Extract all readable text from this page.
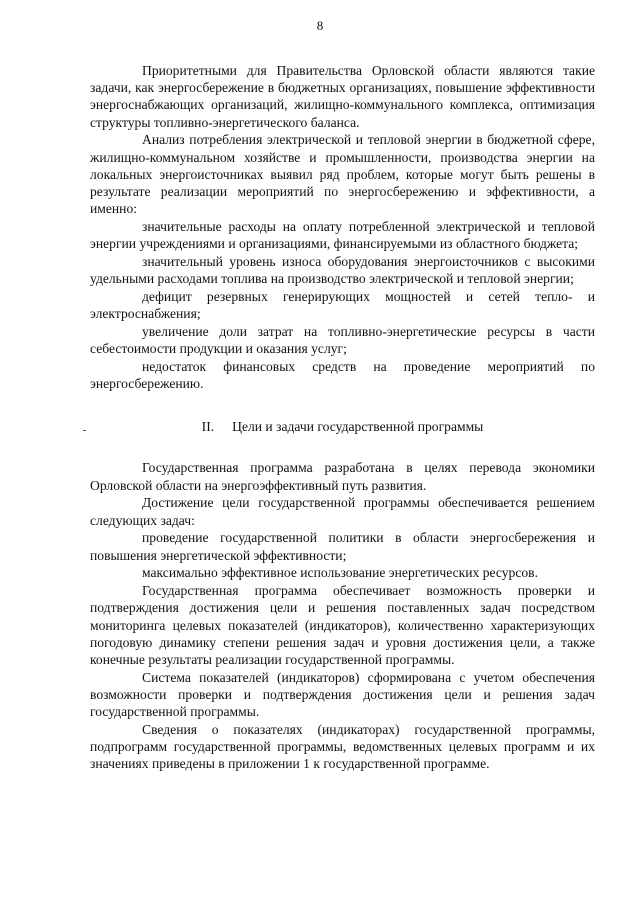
8

Приоритетными для Правительства Орловской области являются такие задачи, как энергосбережение в бюджетных организациях, повышение эффективности энергоснабжающих организаций, жилищно-коммунального комплекса, оптимизация структуры топливно-энергетического баланса.

Анализ потребления электрической и тепловой энергии в бюджетной сфере, жилищно-коммунальном хозяйстве и промышленности, производства энергии на локальных энергоисточниках выявил ряд проблем, которые могут быть решены в результате реализации мероприятий по энергосбережению и эффективности, а именно:

значительные расходы на оплату потребленной электрической и тепловой энергии учреждениями и организациями, финансируемыми из областного бюджета;

значительный уровень износа оборудования энергоисточников с высокими удельными расходами топлива на производство электрической и тепловой энергии;

дефицит резервных генерирующих мощностей и сетей тепло- и электроснабжения;

увеличение доли затрат на топливно-энергетические ресурсы в части себестоимости продукции и оказания услуг;

недостаток финансовых средств на проведение мероприятий по энергосбережению.

II. Цели и задачи государственной программы

Государственная программа разработана в целях перевода экономики Орловской области на энергоэффективный путь развития.

Достижение цели государственной программы обеспечивается решением следующих задач:

проведение государственной политики в области энергосбережения и повышения энергетической эффективности;

максимально эффективное использование энергетических ресурсов.

Государственная программа обеспечивает возможность проверки и подтверждения достижения цели и решения поставленных задач посредством мониторинга целевых показателей (индикаторов), количественно характеризующих погодовую динамику степени решения задач и уровня достижения цели, а также конечные результаты реализации государственной программы.

Система показателей (индикаторов) сформирована с учетом обеспечения возможности проверки и подтверждения достижения цели и решения задач государственной программы.

Сведения о показателях (индикаторах) государственной программы, подпрограмм государственной программы, ведомственных целевых программ и их значениях приведены в приложении 1 к государственной программе.
